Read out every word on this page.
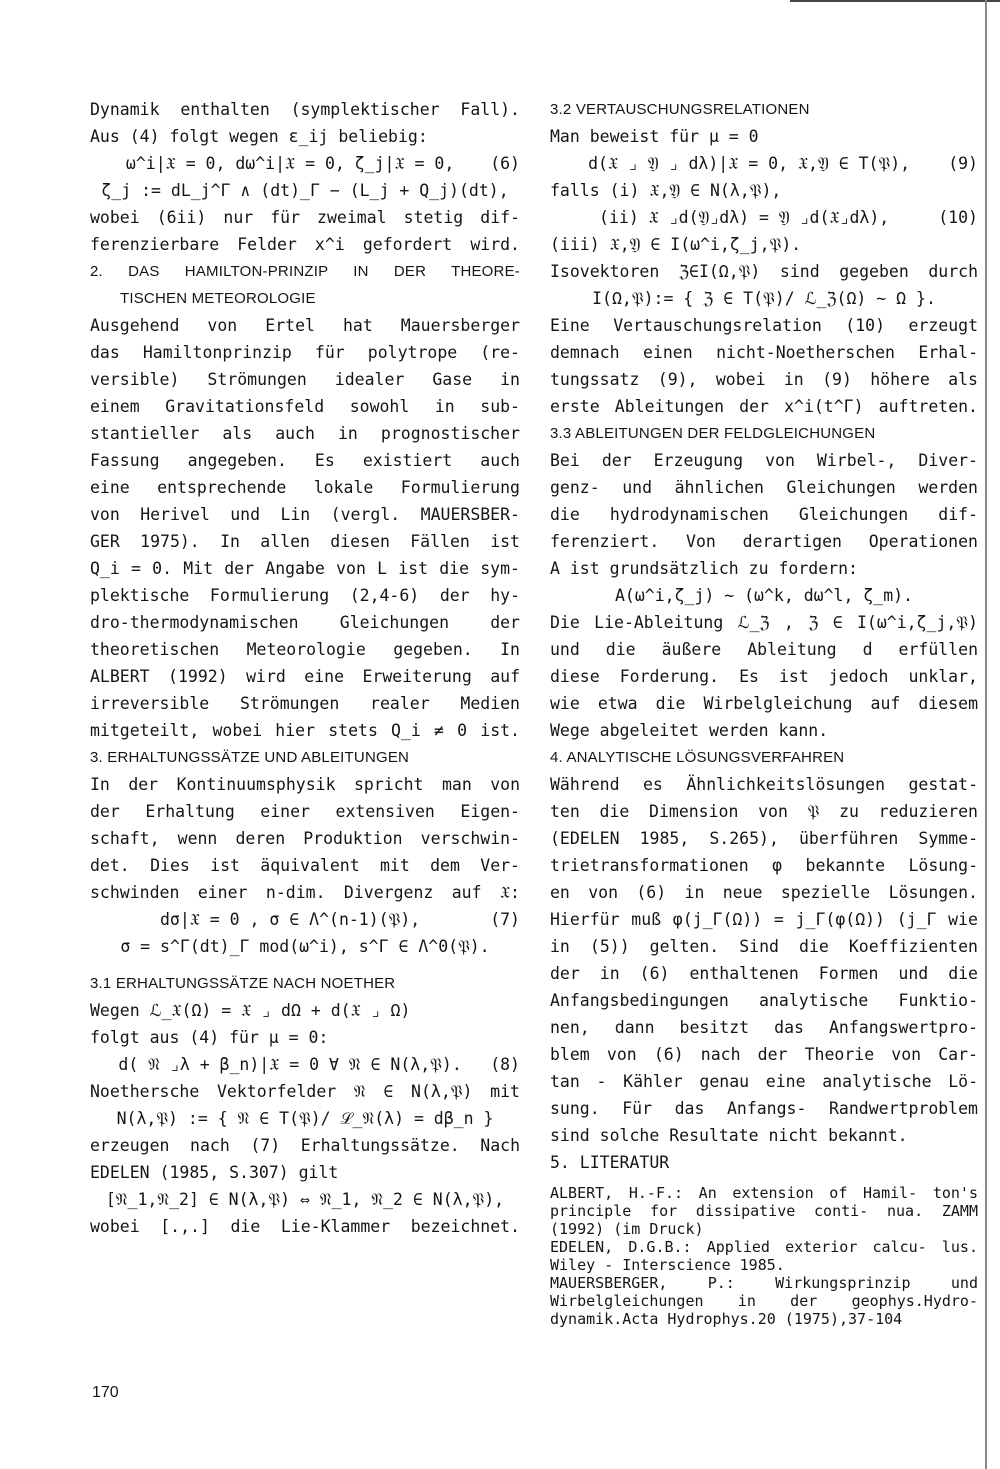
Dynamik enthalten (symplektischer Fall).
Aus (4) folgt wegen ε_ij beliebig:
ω^i|𝔛 = 0, dω^i|𝔛 = 0, ζ_j|𝔛 = 0,	(6)
ζ_j := dL_j^Γ ∧ (dt)_Γ − (L_j + Q_j)(dt),
wobei (6ii) nur für zweimal stetig dif-
ferenzierbare Felder x^i gefordert wird.
2. DAS HAMILTON-PRINZIP IN DER THEORE-
TISCHEN METEOROLOGIE
Ausgehend von Ertel hat Mauersberger
das Hamiltonprinzip für polytrope (re-
versible) Strömungen idealer Gase in
einem Gravitationsfeld sowohl in sub-
stantieller als auch in prognostischer
Fassung angegeben. Es existiert auch
eine entsprechende lokale Formulierung
von Herivel und Lin (vergl. MAUERSBER-
GER 1975). In allen diesen Fällen ist
Q_i = 0. Mit der Angabe von L ist die sym-
plektische Formulierung (2,4-6) der hy-
dro-thermodynamischen Gleichungen der
theoretischen Meteorologie gegeben. In
ALBERT (1992) wird eine Erweiterung auf
irreversible Strömungen realer Medien
mitgeteilt, wobei hier stets Q_i ≠ 0 ist.
3. ERHALTUNGSSÄTZE UND ABLEITUNGEN
In der Kontinuumsphysik spricht man von
der Erhaltung einer extensiven Eigen-
schaft, wenn deren Produktion verschwin-
det. Dies ist äquivalent mit dem Ver-
schwinden einer n-dim. Divergenz auf 𝔛:
dσ|𝔛 = 0 , σ ∈ Λ^(n-1)(𝔓),	(7)
σ = s^Γ(dt)_Γ mod(ω^i), s^Γ ∈ Λ^0(𝔓).
3.1 ERHALTUNGSSÄTZE NACH NOETHER
Wegen ℒ_𝔛(Ω) = 𝔛 ⌟ dΩ + d(𝔛 ⌟ Ω)
folgt aus (4) für μ = 0:
d( 𝔑 ⌟λ + β_n)|𝔛 = 0 ∀ 𝔑 ∈ N(λ,𝔓).	(8)
Noethersche Vektorfelder 𝔑 ∈ N(λ,𝔓) mit
N(λ,𝔓) := { 𝔑 ∈ T(𝔓)/ ℒ_𝔑(λ) = dβ_n }
erzeugen nach (7) Erhaltungssätze. Nach
EDELEN (1985, S.307) gilt
[𝔑_1,𝔑_2] ∈ N(λ,𝔓) ⇔ 𝔑_1, 𝔑_2 ∈ N(λ,𝔓),
wobei [.,.] die Lie-Klammer bezeichnet.
3.2 VERTAUSCHUNGSRELATIONEN
Man beweist für μ = 0
d(𝔛 ⌟ 𝔜 ⌟ dλ)|𝔛 = 0, 𝔛,𝔜 ∈ T(𝔓),	(9)
falls (i) 𝔛,𝔜 ∈ N(λ,𝔓),
(ii) 𝔛 ⌟d(𝔜⌟dλ) = 𝔜 ⌟d(𝔛⌟dλ),	(10)
(iii) 𝔛,𝔜 ∈ I(ω^i,ζ_j,𝔓).
Isovektoren ℨ∈I(Ω,𝔓) sind gegeben durch
I(Ω,𝔓):= { ℨ ∈ T(𝔓)/ ℒ_ℨ(Ω) ~ Ω }.
Eine Vertauschungsrelation (10) erzeugt
demnach einen nicht-Noetherschen Erhal-
tungssatz (9), wobei in (9) höhere als
erste Ableitungen der x^i(t^Γ) auftreten.
3.3 ABLEITUNGEN DER FELDGLEICHUNGEN
Bei der Erzeugung von Wirbel-, Diver-
genz- und ähnlichen Gleichungen werden
die hydrodynamischen Gleichungen dif-
ferenziert. Von derartigen Operationen
A ist grundsätzlich zu fordern:
A(ω^i,ζ_j) ~ (ω^k, dω^l, ζ_m).
Die Lie-Ableitung ℒ_ℨ , ℨ ∈ I(ω^i,ζ_j,𝔓)
und die äußere Ableitung d erfüllen
diese Forderung. Es ist jedoch unklar,
wie etwa die Wirbelgleichung auf diesem
Wege abgeleitet werden kann.
4. ANALYTISCHE LÖSUNGSVERFAHREN
Während es Ähnlichkeitslösungen gestat-
ten die Dimension von 𝔓 zu reduzieren
(EDELEN 1985, S.265), überführen Symme-
trietransformationen φ bekannte Lösung-
en von (6) in neue spezielle Lösungen.
Hierfür muß φ(j_Γ(Ω)) = j_Γ(φ(Ω)) (j_Γ wie
in (5)) gelten. Sind die Koeffizienten
der in (6) enthaltenen Formen und die
Anfangsbedingungen analytische Funktio-
nen, dann besitzt das Anfangswertpro-
blem von (6) nach der Theorie von Car-
tan - Kähler genau eine analytische Lö-
sung. Für das Anfangs- Randwertproblem
sind solche Resultate nicht bekannt.
5. LITERATUR
ALBERT, H.-F.: An extension of Hamil- ton's principle for dissipative conti- nua. ZAMM (1992) (im Druck)
EDELEN, D.G.B.: Applied exterior calcu- lus. Wiley - Interscience 1985.
MAUERSBERGER, P.: Wirkungsprinzip und Wirbelgleichungen in der geophys.Hydro- dynamik.Acta Hydrophys.20 (1975),37-104
170
